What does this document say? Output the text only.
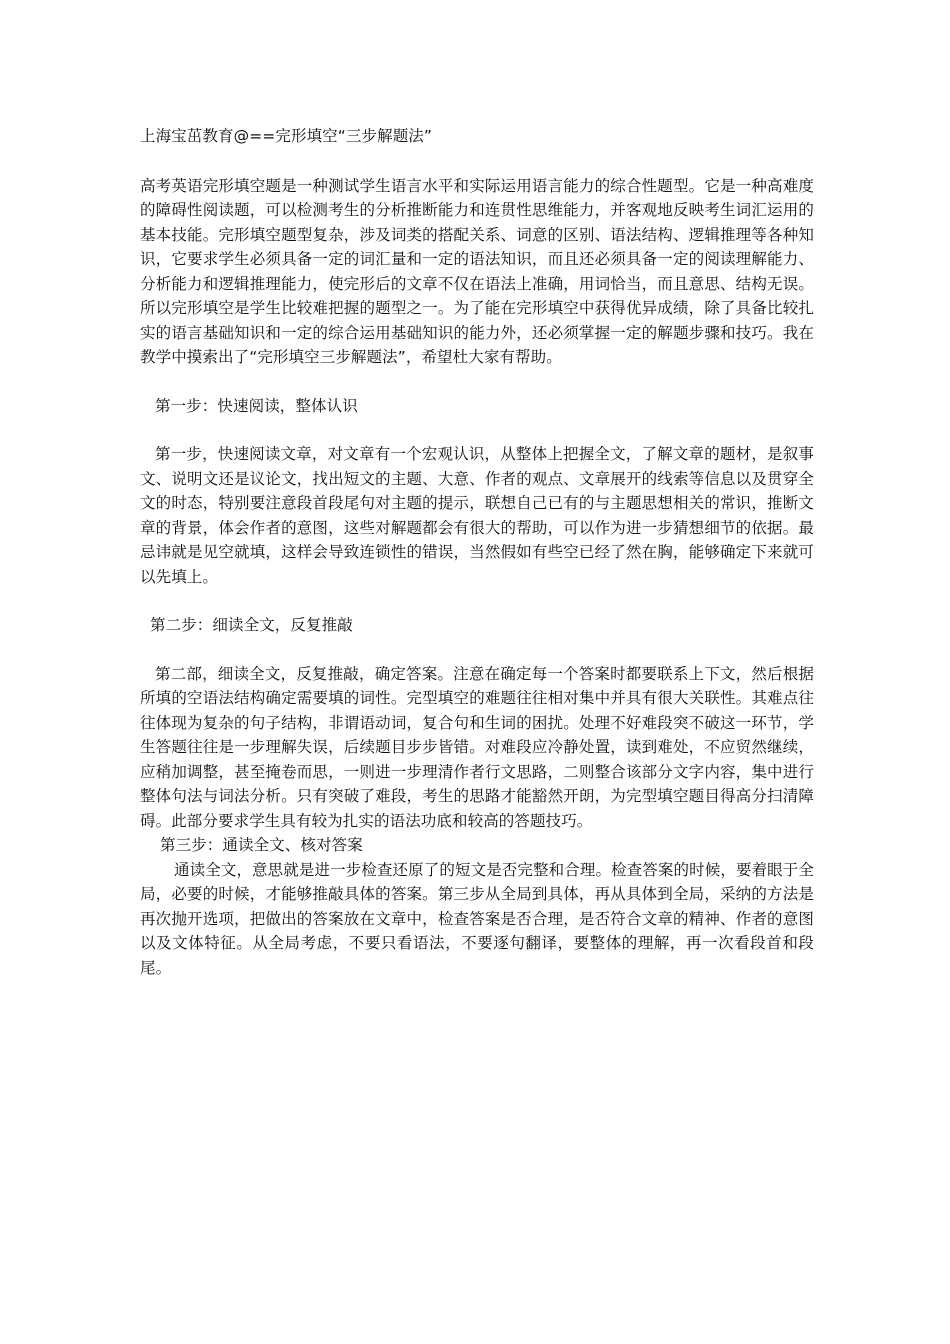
上海宝茁教育@==完形填空“三步解题法”

高考英语完形填空题是一种测试学生语言水平和实际运用语言能力的综合性题型。它是一种高难度的障碍性阅读题，可以检测考生的分析推断能力和连贯性思维能力，并客观地反映考生词汇运用的基本技能。完形填空题型复杂，涉及词类的搭配关系、词意的区别、语法结构、逻辑推理等各种知识，它要求学生必须具备一定的词汇量和一定的语法知识，而且还必须具备一定的阅读理解能力、分析能力和逻辑推理能力，使完形后的文章不仅在语法上准确，用词恰当，而且意思、结构无误。所以完形填空是学生比较难把握的题型之一。为了能在完形填空中获得优异成绩，除了具备比较扎实的语言基础知识和一定的综合运用基础知识的能力外，还必须掌握一定的解题步骤和技巧。我在教学中摸索出了“完形填空三步解题法”，希望杜大家有帮助。

第一步：快速阅读，整体认识

第一步，快速阅读文章，对文章有一个宏观认识，从整体上把握全文，了解文章的题材，是叙事文、说明文还是议论文，找出短文的主题、大意、作者的观点、文章展开的线索等信息以及贯穿全文的时态，特别要注意段首段尾句对主题的提示，联想自己已有的与主题思想相关的常识，推断文章的背景，体会作者的意图，这些对解题都会有很大的帮助，可以作为进一步猜想细节的依据。最忌讳就是见空就填，这样会导致连锁性的错误，当然假如有些空已经了然在胸，能够确定下来就可以先填上。

第二步：细读全文，反复推敲

第二部，细读全文，反复推敲，确定答案。注意在确定每一个答案时都要联系上下文，然后根据所填的空语法结构确定需要填的词性。完型填空的难题往往相对集中并具有很大关联性。其难点往往体现为复杂的句子结构，非谓语动词，复合句和生词的困扰。处理不好难段突不破这一环节，学生答题往往是一步理解失误，后续题目步步皆错。对难段应冷静处置，读到难处，不应贸然继续，应稍加调整，甚至掩卷而思，一则进一步理清作者行文思路，二则整合该部分文字内容，集中进行整体句法与词法分析。只有突破了难段，考生的思路才能豁然开朗，为完型填空题目得高分扫清障碍。此部分要求学生具有较为扎实的语法功底和较高的答题技巧。

第三步：通读全文、核对答案

通读全文，意思就是进一步检查还原了的短文是否完整和合理。检查答案的时候，要着眼于全局，必要的时候，才能够推敲具体的答案。第三步从全局到具体，再从具体到全局，采纳的方法是再次抛开选项，把做出的答案放在文章中，检查答案是否合理，是否符合文章的精神、作者的意图以及文体特征。从全局考虑，不要只看语法，不要逐句翻译，要整体的理解，再一次看段首和段尾。
